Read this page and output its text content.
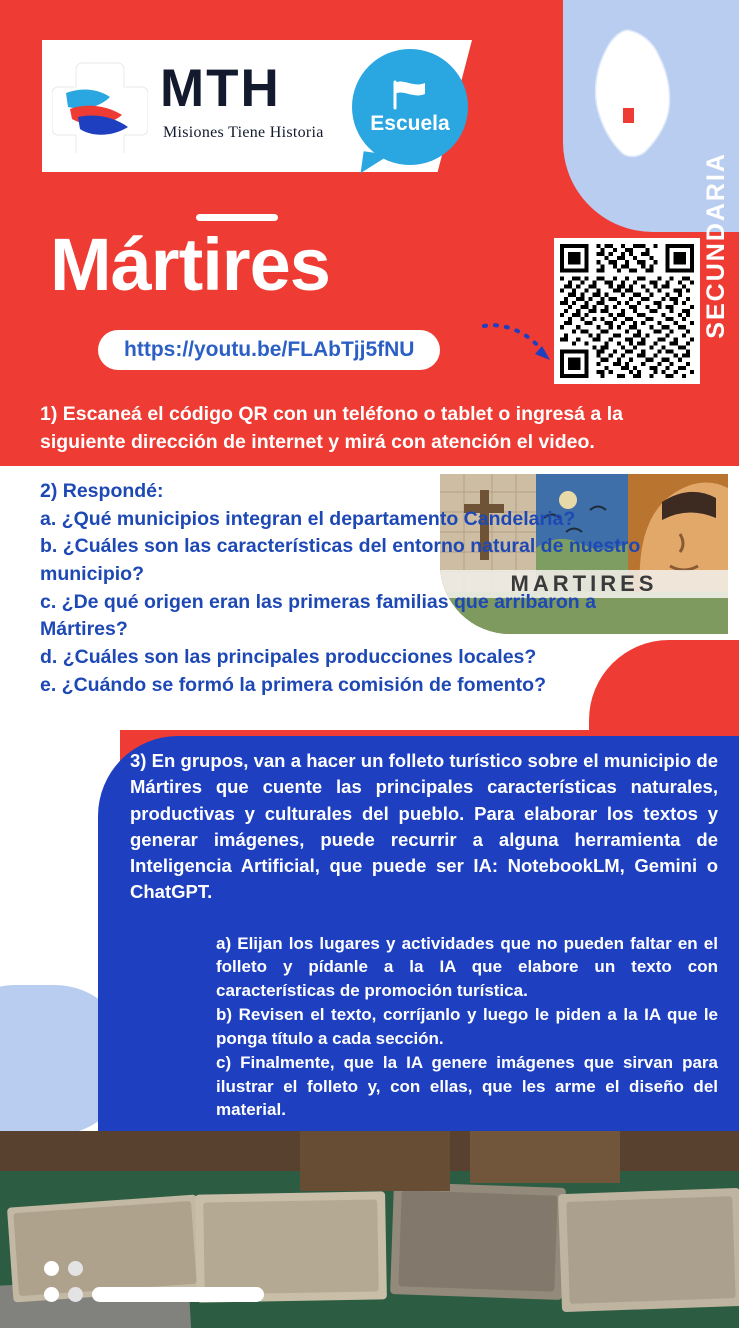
SECUNDARIA
MTH
Misiones Tiene Historia Escuela
Mártires
https://youtu.be/FLAbTjj5fNU
1) Escaneá el código QR con un teléfono o tablet o ingresá a la siguiente dirección de internet y mirá con atención el video.
MARTIRES
2) Respondé:
a. ¿Qué municipios integran el departamento Candelaria?
b. ¿Cuáles son las características del entorno natural de nuestro municipio?
c. ¿De qué origen eran las primeras familias que arribaron a Mártires?
d. ¿Cuáles son las principales producciones locales?
e. ¿Cuándo se formó la primera comisión de fomento?
3) En grupos, van a hacer un folleto turístico sobre el municipio de Mártires que cuente las principales características naturales, productivas y culturales del pueblo. Para elaborar los textos y generar imágenes, puede recurrir a alguna herramienta de Inteligencia Artificial, que puede ser IA: NotebookLM, Gemini o ChatGPT.

a) Elijan los lugares y actividades que no pueden faltar en el folleto y pídanle a la IA que elabore un texto con características de promoción turística.

b) Revisen el texto, corríjanlo y luego le piden a la IA que le ponga título a cada sección.

c) Finalmente, que la IA genere imágenes que sirvan para ilustrar el folleto y, con ellas, que les arme el diseño del material.
